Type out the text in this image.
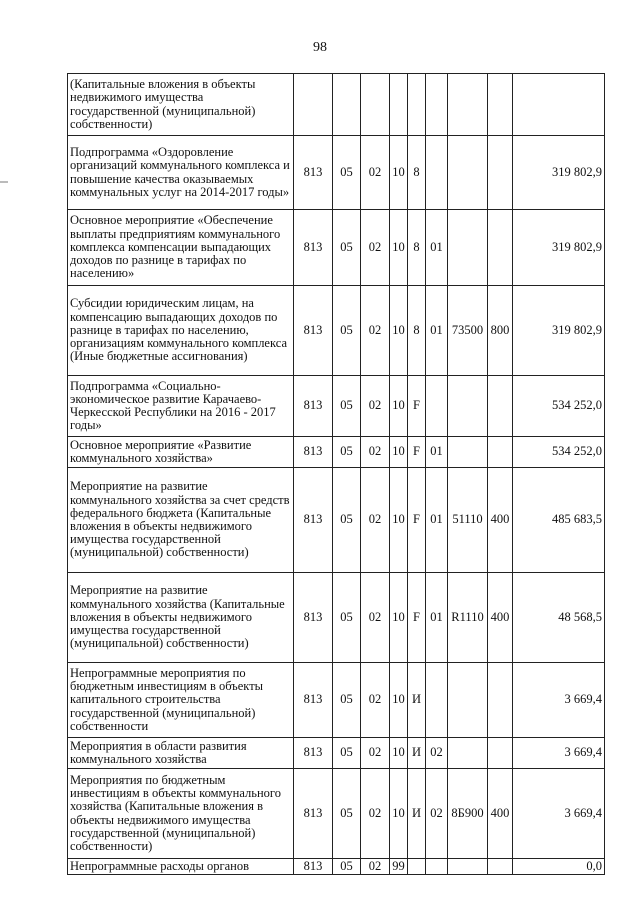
98
(Капитальные вложения в объекты недвижимого имущества государственной (муниципальной) собственности)									
Подпрограмма «Оздоровление организаций коммунального комплекса и повышение качества оказываемых коммунальных услуг на 2014-2017 годы»	813	05	02	10	8				319 802,9
Основное мероприятие «Обеспечение выплаты предприятиям коммунального комплекса компенсации выпадающих доходов по разнице в тарифах по населению»	813	05	02	10	8	01			319 802,9
Субсидии юридическим лицам, на компенсацию выпадающих доходов по разнице в тарифах по населению, организациям коммунального комплекса (Иные бюджетные ассигнования)	813	05	02	10	8	01	73500	800	319 802,9
Подпрограмма «Социально-экономическое развитие Карачаево-Черкесской Республики на 2016 - 2017 годы»	813	05	02	10	F				534 252,0
Основное мероприятие «Развитие коммунального хозяйства»	813	05	02	10	F	01			534 252,0
Мероприятие на развитие коммунального хозяйства за счет средств федерального бюджета (Капитальные вложения в объекты недвижимого имущества государственной (муниципальной) собственности)	813	05	02	10	F	01	51110	400	485 683,5
Мероприятие на развитие коммунального хозяйства (Капитальные вложения в объекты недвижимого имущества государственной (муниципальной) собственности)	813	05	02	10	F	01	R1110	400	48 568,5
Непрограммные мероприятия по бюджетным инвестициям в объекты капитального строительства государственной (муниципальной) собственности	813	05	02	10	И				3 669,4
Мероприятия в области развития коммунального хозяйства	813	05	02	10	И	02			3 669,4
Мероприятия по бюджетным инвестициям в объекты коммунального хозяйства (Капитальные вложения в объекты недвижимого имущества государственной (муниципальной) собственности)	813	05	02	10	И	02	8Б900	400	3 669,4
Непрограммные расходы органов	813	05	02	99					0,0
